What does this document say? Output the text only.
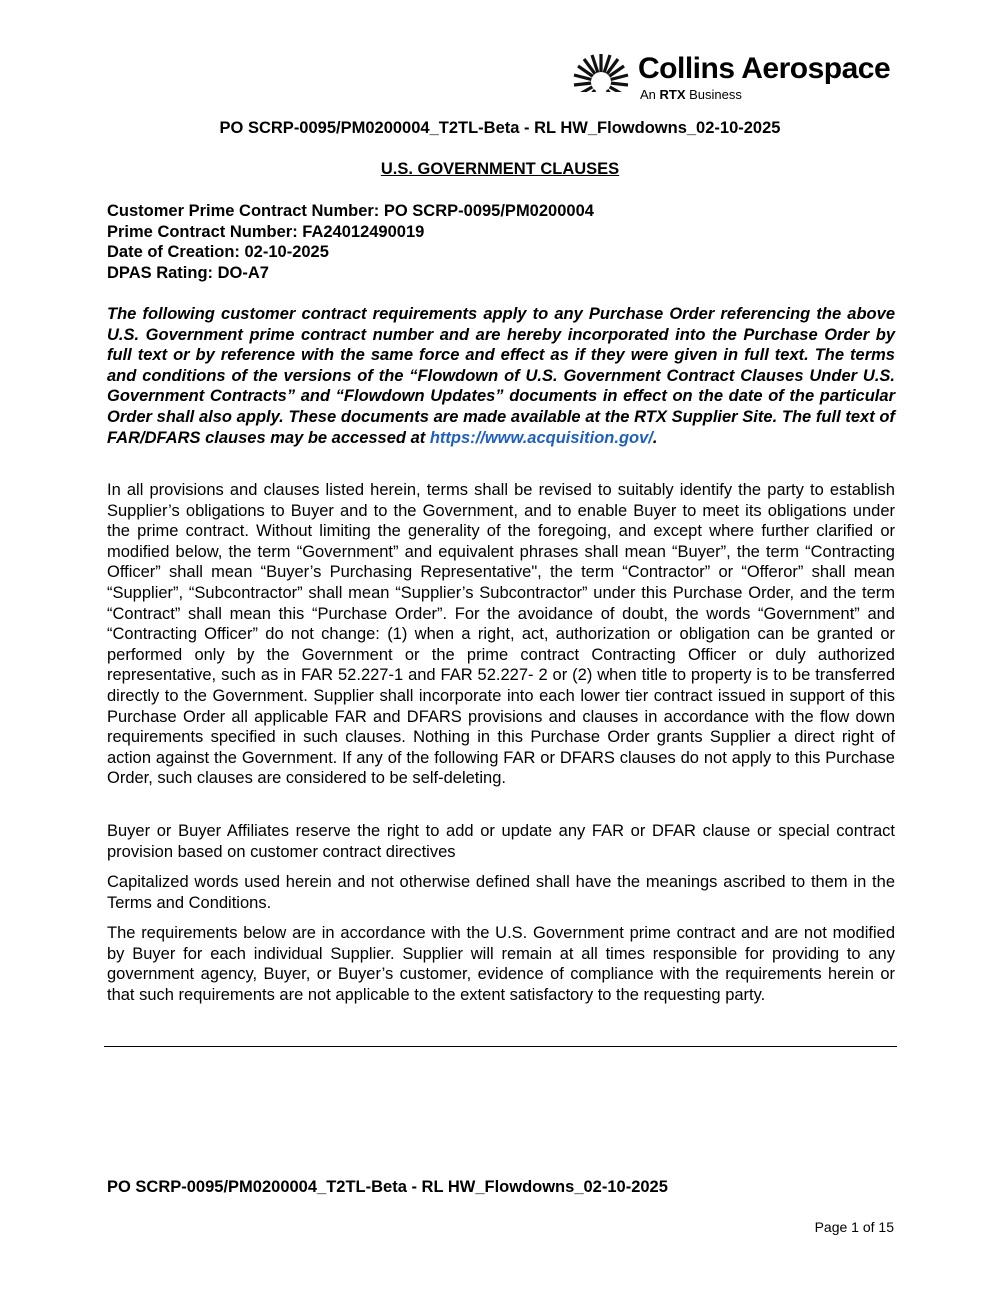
Collins Aerospace
An RTX Business
PO SCRP-0095/PM0200004_T2TL-Beta - RL HW_Flowdowns_02-10-2025
U.S. GOVERNMENT CLAUSES
Customer Prime Contract Number: PO SCRP-0095/PM0200004
Prime Contract Number: FA24012490019
Date of Creation: 02-10-2025
DPAS Rating: DO-A7
The following customer contract requirements apply to any Purchase Order referencing the above U.S. Government prime contract number and are hereby incorporated into the Purchase Order by full text or by reference with the same force and effect as if they were given in full text. The terms and conditions of the versions of the “Flowdown of U.S. Government Contract Clauses Under U.S. Government Contracts” and “Flowdown Updates” documents in effect on the date of the particular Order shall also apply. These documents are made available at the RTX Supplier Site. The full text of FAR/DFARS clauses may be accessed at https://www.acquisition.gov/.
In all provisions and clauses listed herein, terms shall be revised to suitably identify the party to establish Supplier’s obligations to Buyer and to the Government, and to enable Buyer to meet its obligations under the prime contract. Without limiting the generality of the foregoing, and except where further clarified or modified below, the term “Government” and equivalent phrases shall mean “Buyer”, the term “Contracting Officer” shall mean “Buyer’s Purchasing Representative", the term “Contractor” or “Offeror” shall mean “Supplier”, “Subcontractor” shall mean “Supplier’s Subcontractor” under this Purchase Order, and the term “Contract” shall mean this “Purchase Order”. For the avoidance of doubt, the words “Government” and “Contracting Officer” do not change: (1) when a right, act, authorization or obligation can be granted or performed only by the Government or the prime contract Contracting Officer or duly authorized representative, such as in FAR 52.227-1 and FAR 52.227- 2 or (2) when title to property is to be transferred directly to the Government. Supplier shall incorporate into each lower tier contract issued in support of this Purchase Order all applicable FAR and DFARS provisions and clauses in accordance with the flow down requirements specified in such clauses. Nothing in this Purchase Order grants Supplier a direct right of action against the Government. If any of the following FAR or DFARS clauses do not apply to this Purchase Order, such clauses are considered to be self-deleting.
Buyer or Buyer Affiliates reserve the right to add or update any FAR or DFAR clause or special contract provision based on customer contract directives
Capitalized words used herein and not otherwise defined shall have the meanings ascribed to them in the Terms and Conditions.
The requirements below are in accordance with the U.S. Government prime contract and are not modified by Buyer for each individual Supplier. Supplier will remain at all times responsible for providing to any government agency, Buyer, or Buyer’s customer, evidence of compliance with the requirements herein or that such requirements are not applicable to the extent satisfactory to the requesting party.
PO SCRP-0095/PM0200004_T2TL-Beta - RL HW_Flowdowns_02-10-2025
Page 1 of 15
